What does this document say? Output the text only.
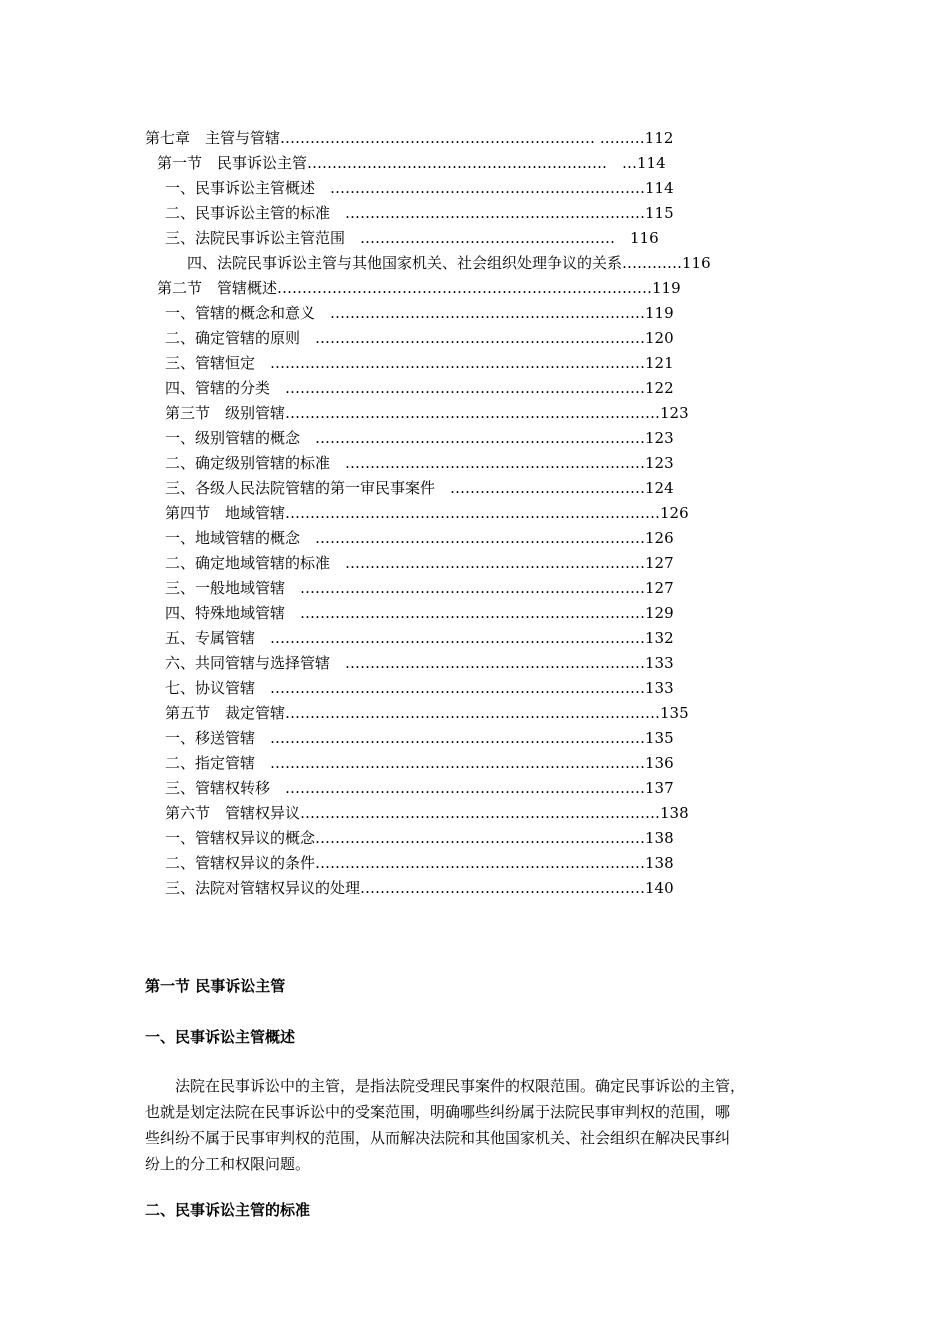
第七章　主管与管辖……………………………………………………… ………112
第一节　民事诉讼主管……………………………………………………　…114
一、民事诉讼主管概述　………………………………………………………114
二、民事诉讼主管的标准　……………………………………………………115
三、法院民事诉讼主管范围　……………………………………………　116
四、法院民事诉讼主管与其他国家机关、社会组织处理争议的关系…………116
第二节　管辖概述…………………………………………………………………119
一、管辖的概念和意义　………………………………………………………119
二、确定管辖的原则　…………………………………………………………120
三、管辖恒定　…………………………………………………………………121
四、管辖的分类　………………………………………………………………122
第三节　级别管辖…………………………………………………………………123
一、级别管辖的概念　…………………………………………………………123
二、确定级别管辖的标准　……………………………………………………123
三、各级人民法院管辖的第一审民事案件　…………………………………124
第四节　地域管辖…………………………………………………………………126
一、地域管辖的概念　…………………………………………………………126
二、确定地域管辖的标准　……………………………………………………127
三、一般地域管辖　……………………………………………………………127
四、特殊地域管辖　……………………………………………………………129
五、专属管辖　…………………………………………………………………132
六、共同管辖与选择管辖　……………………………………………………133
七、协议管辖　…………………………………………………………………133
第五节　裁定管辖…………………………………………………………………135
一、移送管辖　…………………………………………………………………135
二、指定管辖　…………………………………………………………………136
三、管辖权转移　………………………………………………………………137
第六节　管辖权异议………………………………………………………………138
一、管辖权异议的概念…………………………………………………………138
二、管辖权异议的条件…………………………………………………………138
三、法院对管辖权异议的处理…………………………………………………140
第一节 民事诉讼主管
一、民事诉讼主管概述
法院在民事诉讼中的主管，是指法院受理民事案件的权限范围。确定民事诉讼的主管，
也就是划定法院在民事诉讼中的受案范围，明确哪些纠纷属于法院民事审判权的范围，哪
些纠纷不属于民事审判权的范围，从而解决法院和其他国家机关、社会组织在解决民事纠
纷上的分工和权限问题。
二、民事诉讼主管的标准
